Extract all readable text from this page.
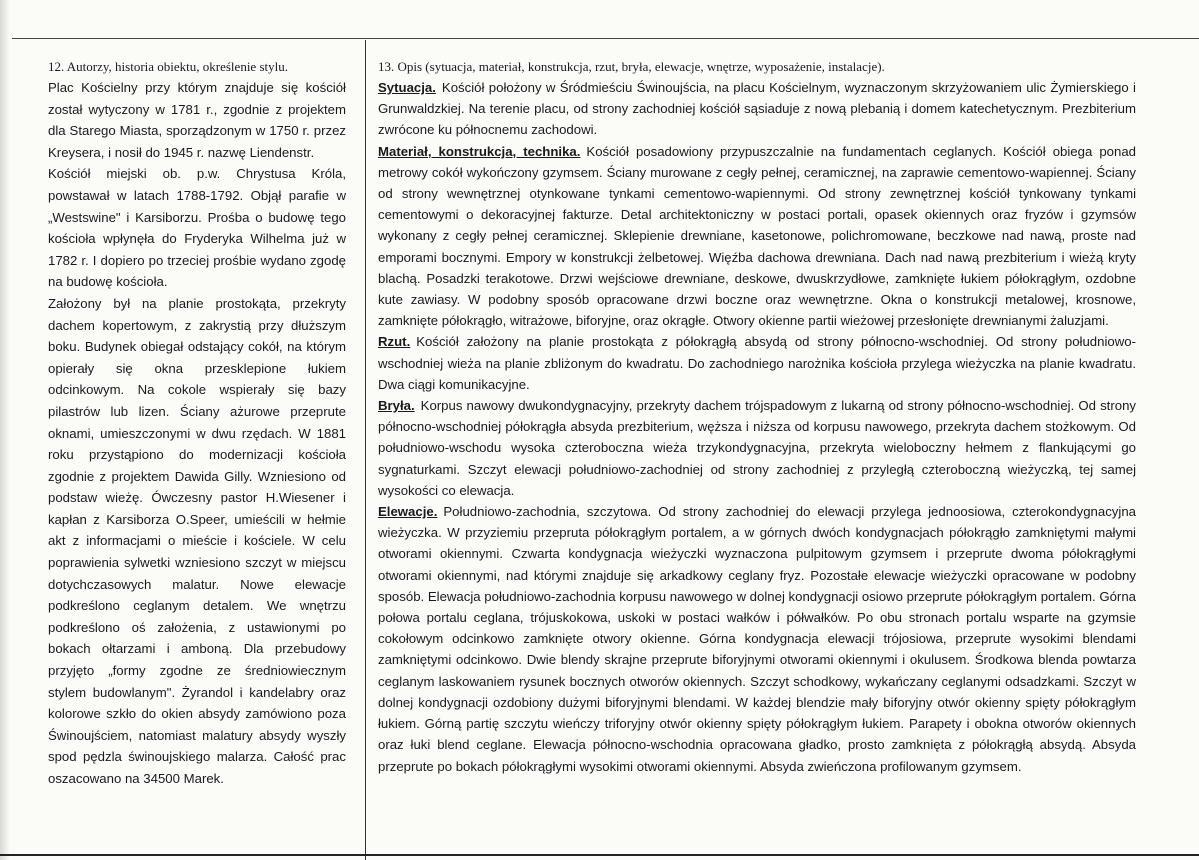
12. Autorzy, historia obiektu, określenie stylu.

Plac Kościelny przy którym znajduje się kościół został wytyczony w 1781 r., zgodnie z projektem dla Starego Miasta, sporządzonym w 1750 r. przez Kreysera, i nosił do 1945 r. nazwę Liendenstr.

Kościół miejski ob. p.w. Chrystusa Króla, powstawał w latach 1788-1792. Objął parafie w „Westswine" i Karsiborzu. Prośba o budowę tego kościoła wpłynęła do Fryderyka Wilhelma już w 1782 r. I dopiero po trzeciej prośbie wydano zgodę na budowę kościoła.

Założony był na planie prostokąta, przekryty dachem kopertowym, z zakrystią przy dłuższym boku. Budynek obiegał odstający cokół, na którym opierały się okna przesklepione łukiem odcinkowym. Na cokole wspierały się bazy pilastrów lub lizen. Ściany ażurowe przeprute oknami, umieszczonymi w dwu rzędach. W 1881 roku przystąpiono do modernizacji kościoła zgodnie z projektem Dawida Gilly. Wzniesiono od podstaw wieżę. Ówczesny pastor H.Wiesener i kapłan z Karsiborza O.Speer, umieścili w hełmie akt z informacjami o mieście i kościele. W celu poprawienia sylwetki wzniesiono szczyt w miejscu dotychczasowych malatur. Nowe elewacje podkreślono ceglanym detalem. We wnętrzu podkreślono oś założenia, z ustawionymi po bokach ołtarzami i amboną. Dla przebudowy przyjęto „formy zgodne ze średniowiecznym stylem budowlanym". Żyrandol i kandelabry oraz kolorowe szkło do okien absydy zamówiono poza Świnoujściem, natomiast malatury absydy wyszły spod pędzla świnoujskiego malarza. Całość prac oszacowano na 34500 Marek.

13. Opis (sytuacja, materiał, konstrukcja, rzut, bryła, elewacje, wnętrze, wyposażenie, instalacje).

Sytuacja. Kościół położony w Śródmieściu Świnoujścia, na placu Kościelnym, wyznaczonym skrzyżowaniem ulic Żymierskiego i Grunwaldzkiej. Na terenie placu, od strony zachodniej kościół sąsiaduje z nową plebanią i domem katechetycznym. Prezbiterium zwrócone ku północnemu zachodowi.

Materiał, konstrukcja, technika. Kościół posadowiony przypuszczalnie na fundamentach ceglanych. Kościół obiega ponad metrowy cokół wykończony gzymsem. Ściany murowane z cegły pełnej, ceramicznej, na zaprawie cementowo-wapiennej. Ściany od strony wewnętrznej otynkowane tynkami cementowo-wapiennymi. Od strony zewnętrznej kościół tynkowany tynkami cementowymi o dekoracyjnej fakturze. Detal architektoniczny w postaci portali, opasek okiennych oraz fryzów i gzymsów wykonany z cegły pełnej ceramicznej. Sklepienie drewniane, kasetonowe, polichromowane, beczkowe nad nawą, proste nad emporami bocznymi. Empory w konstrukcji żelbetowej. Więźba dachowa drewniana. Dach nad nawą prezbiterium i wieżą kryty blachą. Posadzki terakotowe. Drzwi wejściowe drewniane, deskowe, dwuskrzydłowe, zamknięte łukiem półokrągłym, ozdobne kute zawiasy. W podobny sposób opracowane drzwi boczne oraz wewnętrzne. Okna o konstrukcji metalowej, krosnowe, zamknięte półokrągło, witrażowe, biforyjne, oraz okrągłe. Otwory okienne partii wieżowej przesłonięte drewnianymi żaluzjami.

Rzut. Kościół założony na planie prostokąta z półokrągłą absydą od strony północno-wschodniej. Od strony południowo-wschodniej wieża na planie zbliżonym do kwadratu. Do zachodniego narożnika kościoła przylega wieżyczka na planie kwadratu. Dwa ciągi komunikacyjne.

Bryła. Korpus nawowy dwukondygnacyjny, przekryty dachem trójspadowym z lukarną od strony północno-wschodniej. Od strony północno-wschodniej półokrągła absyda prezbiterium, węższa i niższa od korpusu nawowego, przekryta dachem stożkowym. Od południowo-wschodu wysoka czteroboczna wieża trzykondygnacyjna, przekryta wieloboczny hełmem z flankującymi go sygnaturkami. Szczyt elewacji południowo-zachodniej od strony zachodniej z przyległą czteroboczną wieżyczką, tej samej wysokości co elewacja.

Elewacje. Południowo-zachodnia, szczytowa. Od strony zachodniej do elewacji przylega jednoosiowa, czterokondygnacyjna wieżyczka. W przyziemiu przepruta półokrągłym portalem, a w górnych dwóch kondygnacjach półokrągło zamkniętymi małymi otworami okiennymi. Czwarta kondygnacja wieżyczki wyznaczona pulpitowym gzymsem i przeprute dwoma półokrągłymi otworami okiennymi, nad którymi znajduje się arkadkowy ceglany fryz. Pozostałe elewacje wieżyczki opracowane w podobny sposób. Elewacja południowo-zachodnia korpusu nawowego w dolnej kondygnacji osiowo przeprute półokrągłym portalem. Górna połowa portalu ceglana, trójuskokowa, uskoki w postaci wałków i półwałków. Po obu stronach portalu wsparte na gzymsie cokołowym odcinkowo zamknięte otwory okienne. Górna kondygnacja elewacji trójosiowa, przeprute wysokimi blendami zamkniętymi odcinkowo. Dwie blendy skrajne przeprute biforyjnymi otworami okiennymi i okulusem. Środkowa blenda powtarza ceglanym laskowaniem rysunek bocznych otworów okiennych. Szczyt schodkowy, wykańczany ceglanymi odsadzkami. Szczyt w dolnej kondygnacji ozdobiony dużymi biforyjnymi blendami. W każdej blendzie mały biforyjny otwór okienny spięty półokrągłym łukiem. Górną partię szczytu wieńczy triforyjny otwór okienny spięty półokrągłym łukiem. Parapety i obokna otworów okiennych oraz łuki blend ceglane. Elewacja północno-wschodnia opracowana gładko, prosto zamknięta z półokrągłą absydą. Absyda przeprute po bokach półokrągłymi wysokimi otworami okiennymi. Absyda zwieńczona profilowanym gzymsem.
